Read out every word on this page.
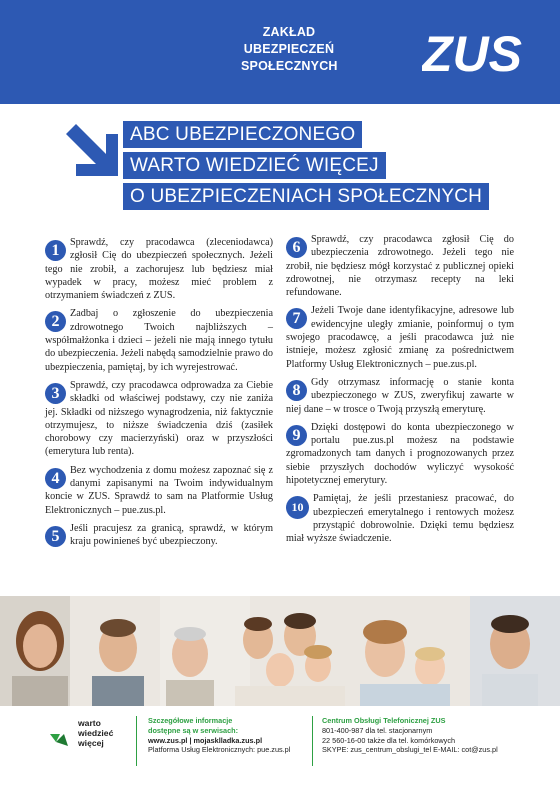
ZAKŁAD
UBEZPIECZEŃ
SPOŁECZNYCH ZUS
ABC UBEZPIECZONEGO
WARTO WIEDZIEĆ WIĘCEJ
O UBEZPIECZENIACH SPOŁECZNYCH
1	Sprawdź, czy pracodawca (zleceniodawca) zgłosił Cię do ubezpieczeń społecznych. Jeżeli tego nie zrobił, a zachorujesz lub będziesz miał wypadek w pracy, możesz mieć problem z otrzymaniem świadczeń z ZUS.
2	Zadbaj o zgłoszenie do ubezpieczenia zdrowotnego Twoich najbliższych – współmałżonka i dzieci – jeżeli nie mają innego tytułu do ubezpieczenia. Jeżeli nabędą samodzielnie prawo do ubezpieczenia, pamiętaj, by ich wyrejestrować.
3	Sprawdź, czy pracodawca odprowadza za Ciebie składki od właściwej podstawy, czy nie zaniża jej. Składki od niższego wynagrodzenia, niż faktycznie otrzymujesz, to niższe świadczenia dziś (zasiłek chorobowy czy macierzyński) oraz w przyszłości (emerytura lub renta).
4	Bez wychodzenia z domu możesz zapoznać się z danymi zapisanymi na Twoim indywidualnym koncie w ZUS. Sprawdź to sam na Platformie Usług Elektronicznych – pue.zus.pl.
5	Jeśli pracujesz za granicą, sprawdź, w którym kraju powinieneś być ubezpieczony.
6	Sprawdź, czy pracodawca zgłosił Cię do ubezpieczenia zdrowotnego. Jeżeli tego nie zrobił, nie będziesz mógł korzystać z publicznej opieki zdrowotnej, nie otrzymasz recepty na leki refundowane.
7	Jeżeli Twoje dane identyfikacyjne, adresowe lub ewidencyjne uległy zmianie, poinformuj o tym swojego pracodawcę, a jeśli pracodawca już nie istnieje, możesz zgłosić zmianę za pośrednictwem Platformy Usług Elektronicznych – pue.zus.pl.
8	Gdy otrzymasz informację o stanie konta ubezpieczonego w ZUS, zweryfikuj zawarte w niej dane – w trosce o Twoją przyszłą emeryturę.
9	Dzięki dostępowi do konta ubezpieczonego w portalu pue.zus.pl możesz na podstawie zgromadzonych tam danych i prognozowanych przez siebie przyszłych dochodów wyliczyć wysokość hipotetycznej emerytury.
10
Pamiętaj, że jeśli przestaniesz pracować, do ubezpieczeń emerytalnego i rentowych możesz przystąpić dobrowolnie. Dzięki temu będziesz miał wyższe świadczenie.
warto
wiedzieć
więcej
Szczegółowe informacje
dostępne są w serwisach:
www.zus.pl | mojasklladka.zus.pl
Platforma Usług Elektronicznych: pue.zus.pl
Centrum Obsługi Telefonicznej ZUS
801-400-987 dla tel. stacjonarnym
22 560-16-00 także dla tel. komórkowych
SKYPE: zus_centrum_obslugi_tel E-MAIL: cot@zus.pl
